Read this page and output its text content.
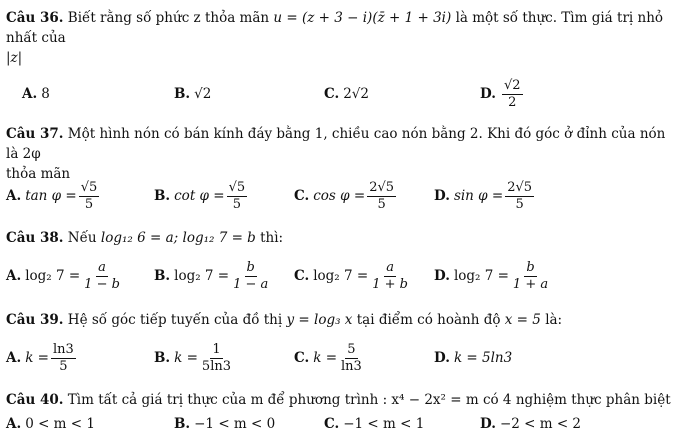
Câu 36. Biết rằng số phức z thỏa mãn u = (z + 3 − i)(z̄ + 1 + 3i) là một số thực. Tìm giá trị nhỏ nhất của
|z|
A. 8	B. √2	C. 2√2	D. $\frac{√2}{2}$
Câu 37. Một hình nón có bán kính đáy bằng 1, chiều cao nón bằng 2. Khi đó góc ở đỉnh của nón là 2φ
thỏa mãn
A. $\tan \varphi = \frac{√5}{5}$	B. $\cot \varphi = \frac{√5}{5}$	C. $\cos \varphi = \frac{2√5}{5}$	D. $\sin \varphi = \frac{2√5}{5}$
Câu 38. Nếu log₁₂ 6 = a; log₁₂ 7 = b thì:
A. log₂ $7 = \frac{a}{1 - b} B$. log₂ $7 = \frac{b}{1 - a} C$. log₂ $7 = \frac{a}{1 + b} D$. log₂ $7 = \frac{b}{1 + a}$
Câu 39. Hệ số góc tiếp tuyến của đồ thị y = log₃ x tại điểm có hoành độ x = 5 là:
A. $k = \frac{\ln 3}{5}$	B. $k = \frac{1}{5\ln 3}$	C. $k = \frac{5}{\ln 3}$	D. k = 5ln3
Câu 40. Tìm tất cả giá trị thực của m để phương trình : x⁴ − 2x² = m có 4 nghiệm thực phân biệt
A. 0 < m < 1	B. −1 < m < 0	C. −1 < m < 1	D. −2 < m < 2
